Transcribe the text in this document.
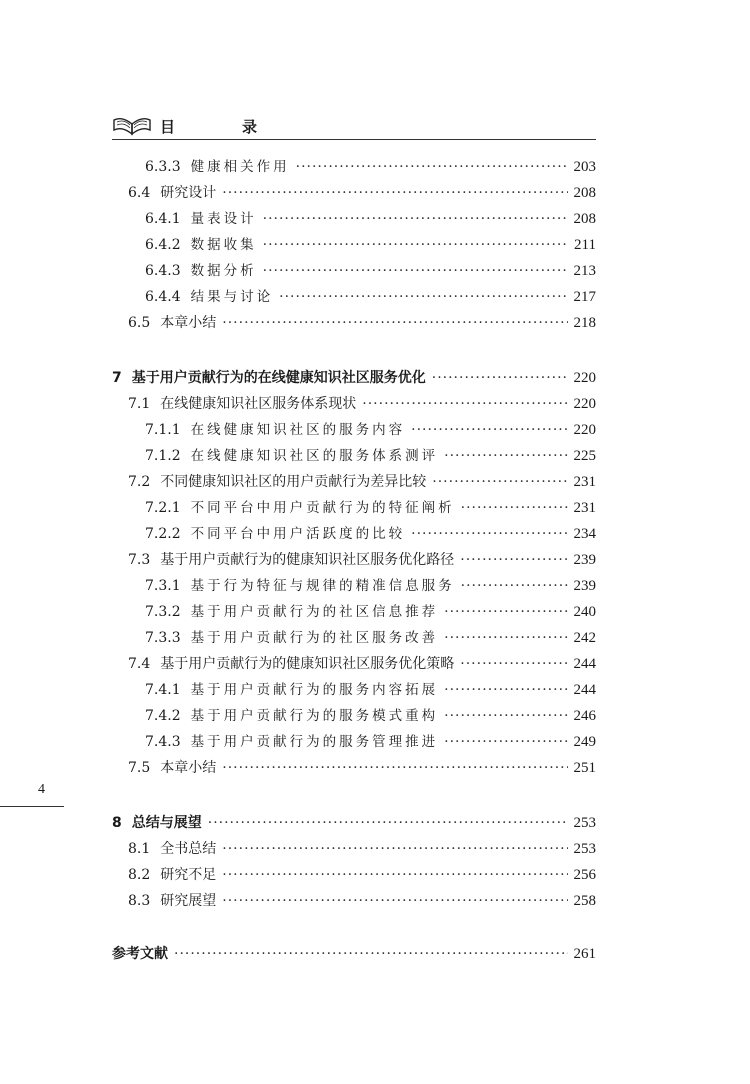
目　录
6.3.3 健康相关作用 ·····	203
6.4 研究设计 ·····	208
6.4.1 量表设计 ·····	208
6.4.2 数据收集 ·····	211
6.4.3 数据分析 ·····	213
6.4.4 结果与讨论 ·····	217
6.5 本章小结 ·····	218
7 基于用户贡献行为的在线健康知识社区服务优化 ·····	220
7.1 在线健康知识社区服务体系现状 ·····	220
7.1.1 在线健康知识社区的服务内容 ·····	220
7.1.2 在线健康知识社区的服务体系测评 ·····	225
7.2 不同健康知识社区的用户贡献行为差异比较 ·····	231
7.2.1 不同平台中用户贡献行为的特征阐析 ·····	231
7.2.2 不同平台中用户活跃度的比较 ·····	234
7.3 基于用户贡献行为的健康知识社区服务优化路径 ·····	239
7.3.1 基于行为特征与规律的精准信息服务 ·····	239
7.3.2 基于用户贡献行为的社区信息推荐 ·····	240
7.3.3 基于用户贡献行为的社区服务改善 ·····	242
7.4 基于用户贡献行为的健康知识社区服务优化策略 ·····	244
7.4.1 基于用户贡献行为的服务内容拓展 ·····	244
7.4.2 基于用户贡献行为的服务模式重构 ·····	246
7.4.3 基于用户贡献行为的服务管理推进 ·····	249
7.5 本章小结 ·····	251
8 总结与展望 ·····	253
8.1 全书总结 ·····	253
8.2 研究不足 ·····	256
8.3 研究展望 ·····	258
参考文献 ·····	261
4
